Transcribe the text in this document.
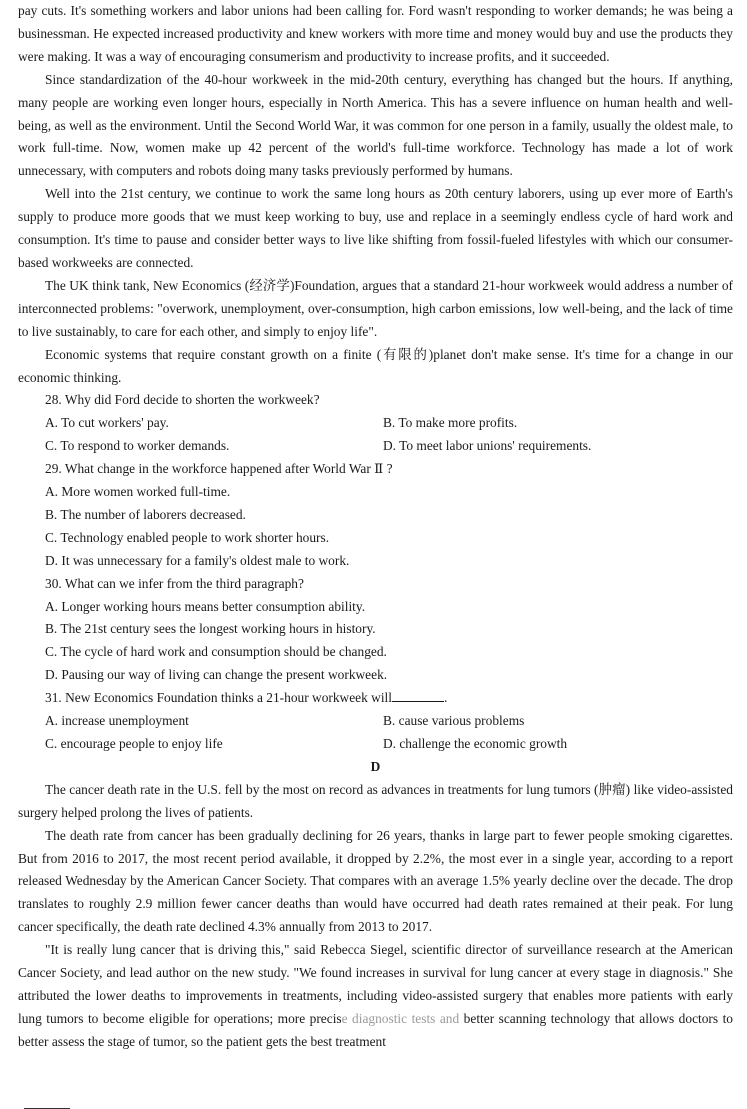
pay cuts. It's something workers and labor unions had been calling for. Ford wasn't responding to worker demands; he was being a businessman. He expected increased productivity and knew workers with more time and money would buy and use the products they were making. It was a way of encouraging consumerism and productivity to increase profits, and it succeeded.

Since standardization of the 40-hour workweek in the mid-20th century, everything has changed but the hours. If anything, many people are working even longer hours, especially in North America. This has a severe influence on human health and well-being, as well as the environment. Until the Second World War, it was common for one person in a family, usually the oldest male, to work full-time. Now, women make up 42 percent of the world's full-time workforce. Technology has made a lot of work unnecessary, with computers and robots doing many tasks previously performed by humans.

Well into the 21st century, we continue to work the same long hours as 20th century laborers, using up ever more of Earth's supply to produce more goods that we must keep working to buy, use and replace in a seemingly endless cycle of hard work and consumption. It's time to pause and consider better ways to live like shifting from fossil-fueled lifestyles with which our consumer-based workweeks are connected.

The UK think tank, New Economics (经济学)Foundation, argues that a standard 21-hour workweek would address a number of interconnected problems: "overwork, unemployment, over-consumption, high carbon emissions, low well-being, and the lack of time to live sustainably, to care for each other, and simply to enjoy life".

Economic systems that require constant growth on a finite (有限的)planet don't make sense. It's time for a change in our economic thinking.

28. Why did Ford decide to shorten the workweek?
A. To cut workers' pay.	B. To make more profits.
C. To respond to worker demands.	D. To meet labor unions' requirements.
29. What change in the workforce happened after World War Ⅱ ?
A. More women worked full-time.
B. The number of laborers decreased.
C. Technology enabled people to work shorter hours.
D. It was unnecessary for a family's oldest male to work.
30. What can we infer from the third paragraph?
A. Longer working hours means better consumption ability.
B. The 21st century sees the longest working hours in history.
C. The cycle of hard work and consumption should be changed.
D. Pausing our way of living can change the present workweek.
31. New Economics Foundation thinks a 21-hour workweek will	.
A. increase unemployment	B. cause various problems
C. encourage people to enjoy life	D. challenge the economic growth
D

The cancer death rate in the U.S. fell by the most on record as advances in treatments for lung tumors (肿瘤) like video-assisted surgery helped prolong the lives of patients.

The death rate from cancer has been gradually declining for 26 years, thanks in large part to fewer people smoking cigarettes. But from 2016 to 2017, the most recent period available, it dropped by 2.2%, the most ever in a single year, according to a report released Wednesday by the American Cancer Society. That compares with an average 1.5% yearly decline over the decade. The drop translates to roughly 2.9 million fewer cancer deaths than would have occurred had death rates remained at their peak. For lung cancer specifically, the death rate declined 4.3% annually from 2013 to 2017.

"It is really lung cancer that is driving this," said Rebecca Siegel, scientific director of surveillance research at the American Cancer Society, and lead author on the new study. "We found increases in survival for lung cancer at every stage in diagnosis." She attributed the lower deaths to improvements in treatments, including video-assisted surgery that enables more patients with early lung tumors to become eligible for operations; more precise diagnostic tests and better scanning technology that allows doctors to better assess the stage of tumor, so the patient gets the best treatment
